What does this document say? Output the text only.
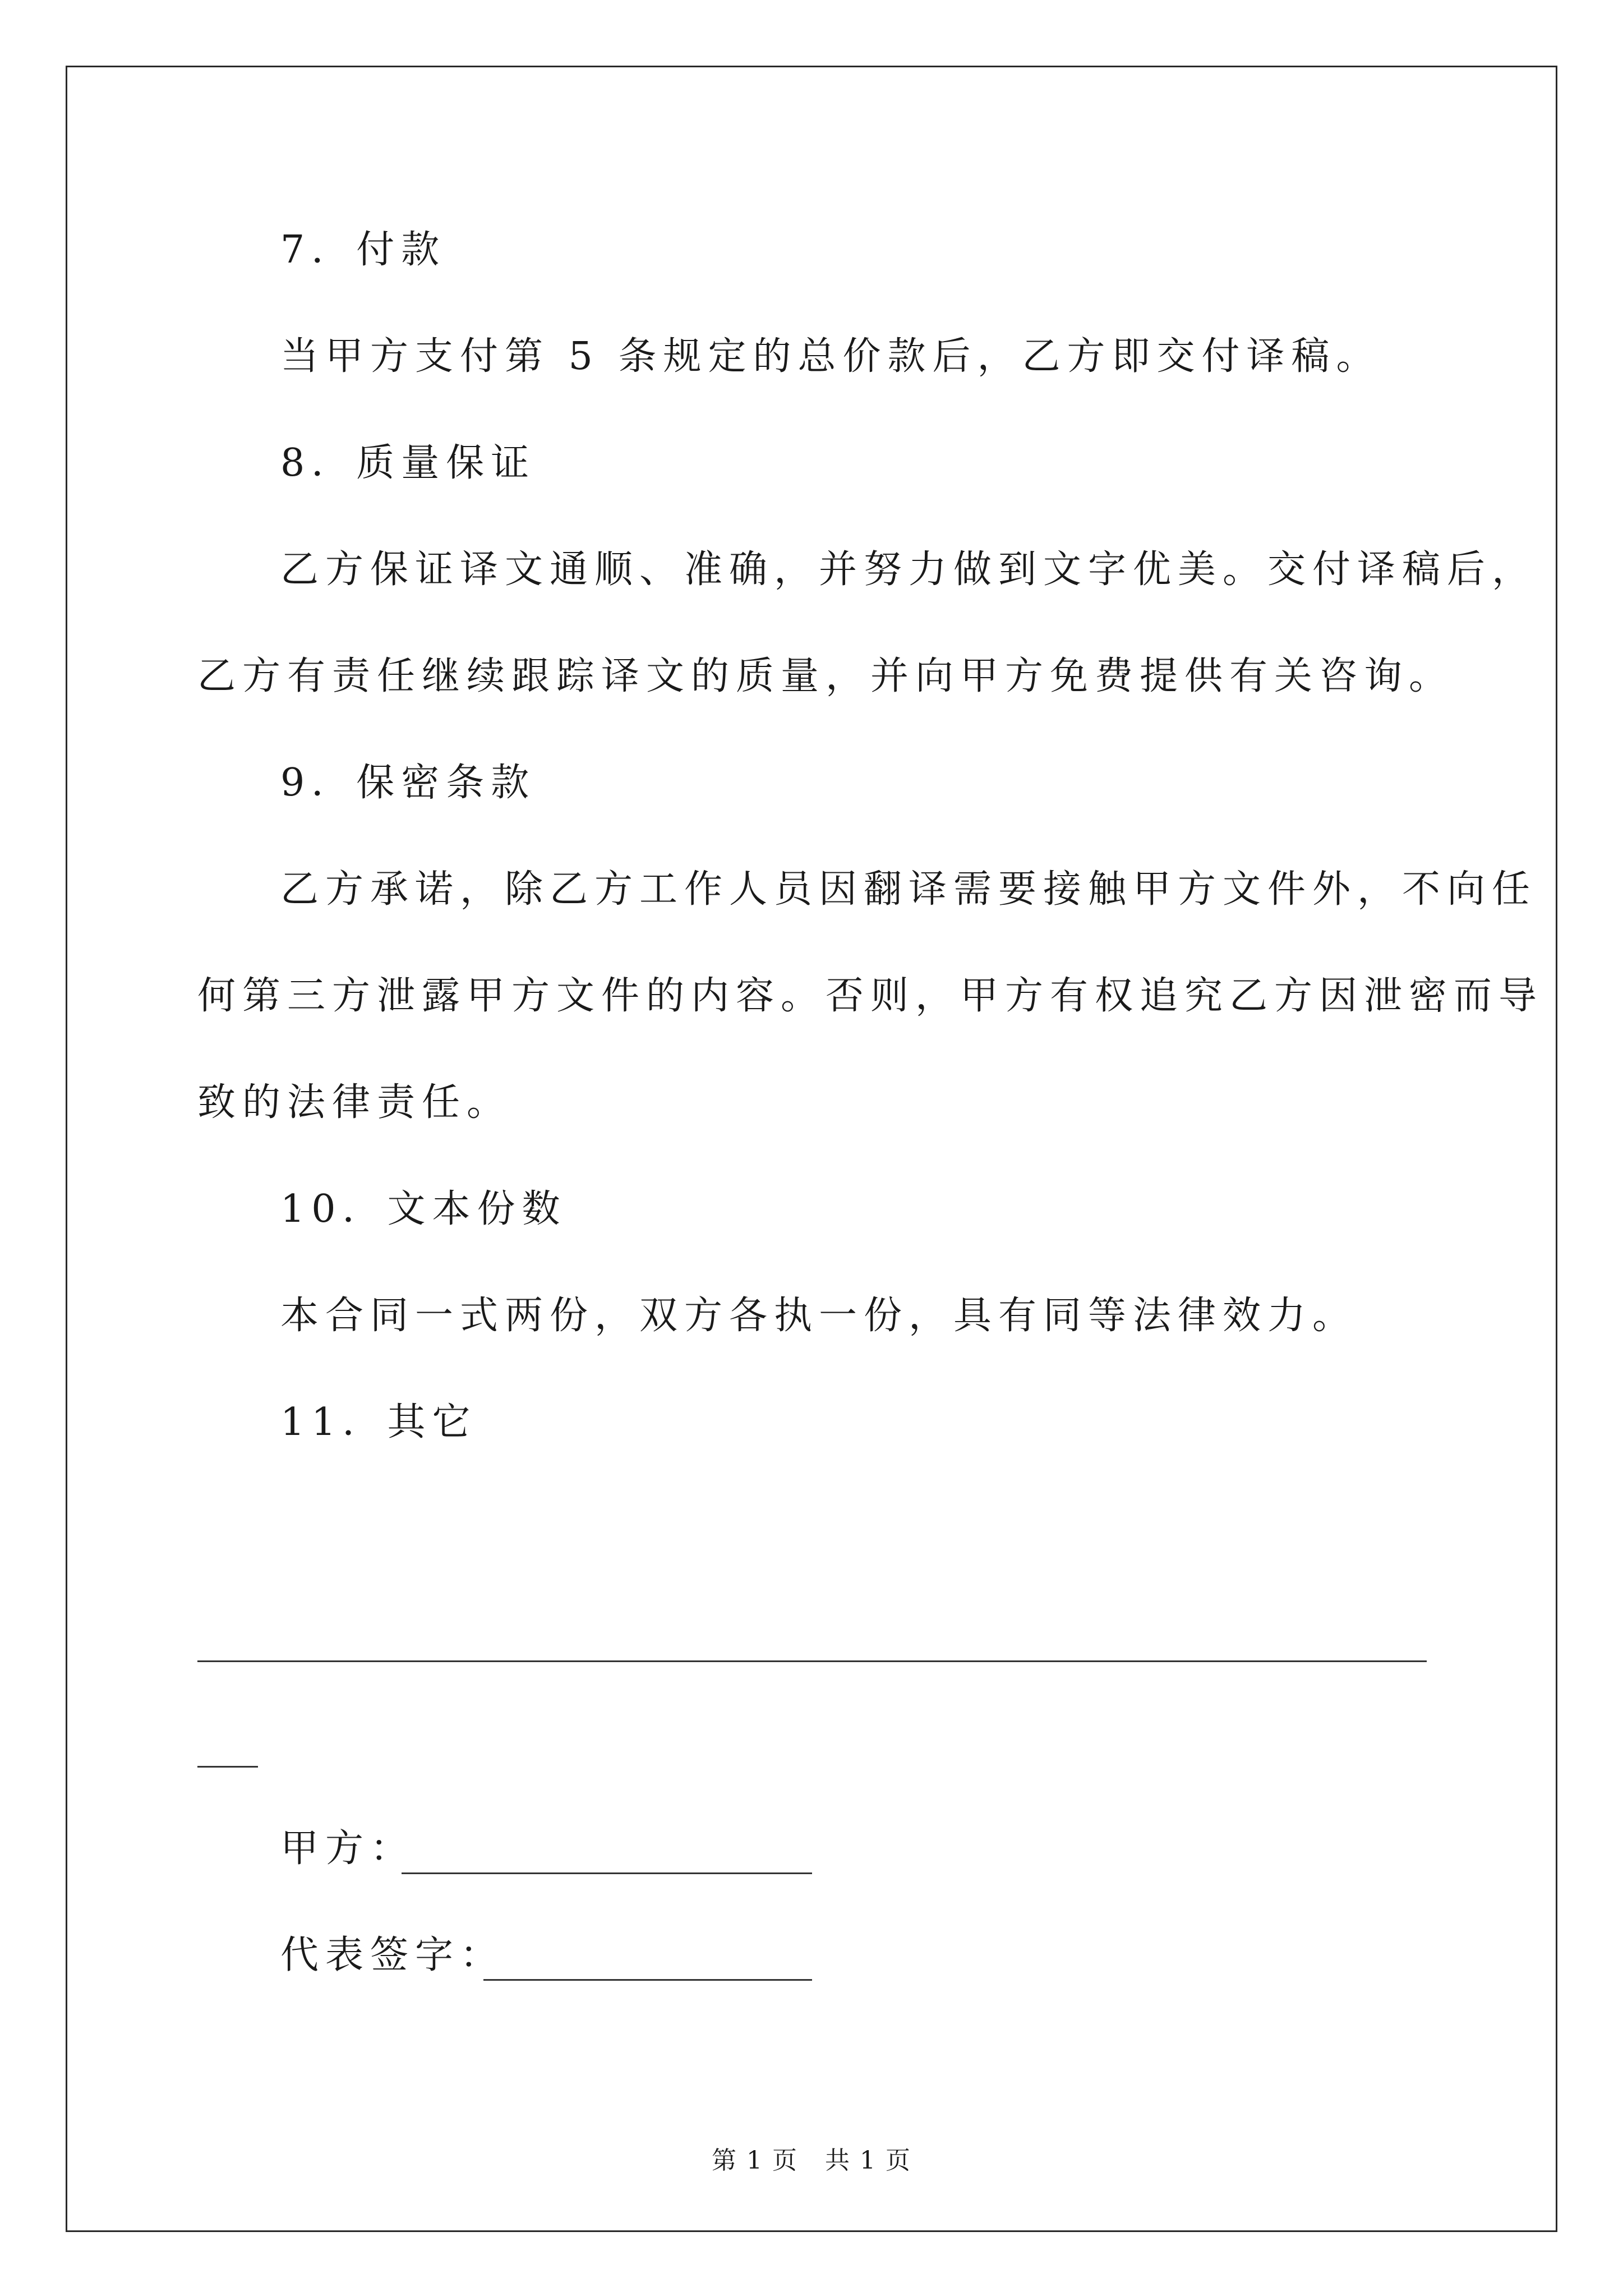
7．付款
当甲方支付第 5 条规定的总价款后，乙方即交付译稿。
8．质量保证
乙方保证译文通顺、准确，并努力做到文字优美。交付译稿后，
乙方有责任继续跟踪译文的质量，并向甲方免费提供有关咨询。
9．保密条款
乙方承诺，除乙方工作人员因翻译需要接触甲方文件外，不向任
何第三方泄露甲方文件的内容。否则，甲方有权追究乙方因泄密而导
致的法律责任。
10．文本份数
本合同一式两份，双方各执一份，具有同等法律效力。
11．其它
甲方：
代表签字：
第 1 页   共 1 页
